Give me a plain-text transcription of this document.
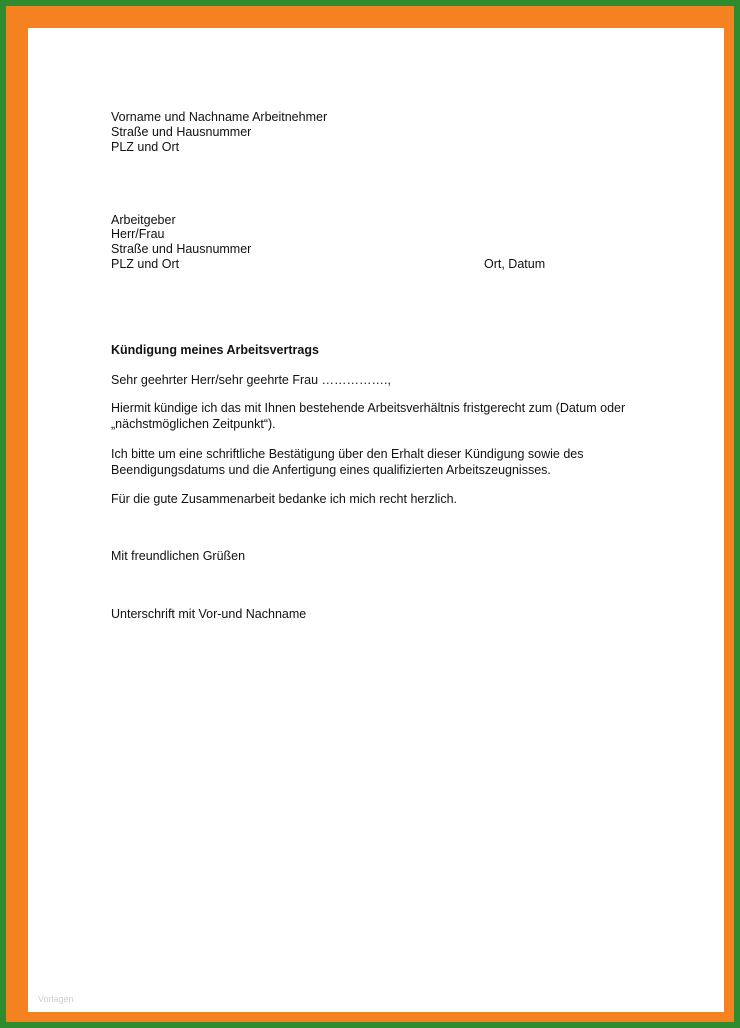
Vorname und Nachname Arbeitnehmer
Straße und Hausnummer
PLZ und Ort
Arbeitgeber
Herr/Frau
Straße und Hausnummer
PLZ und Ort	Ort, Datum
Kündigung meines Arbeitsvertrags
Sehr geehrter Herr/sehr geehrte Frau …………….,
Hiermit kündige ich das mit Ihnen bestehende Arbeitsverhältnis fristgerecht zum (Datum oder
„nächstmöglichen Zeitpunkt“).
Ich bitte um eine schriftliche Bestätigung über den Erhalt dieser Kündigung sowie des
Beendigungsdatums und die Anfertigung eines qualifizierten Arbeitszeugnisses.
Für die gute Zusammenarbeit bedanke ich mich recht herzlich.
Mit freundlichen Grüßen
Unterschrift mit Vor-und Nachname
Vorlagen
